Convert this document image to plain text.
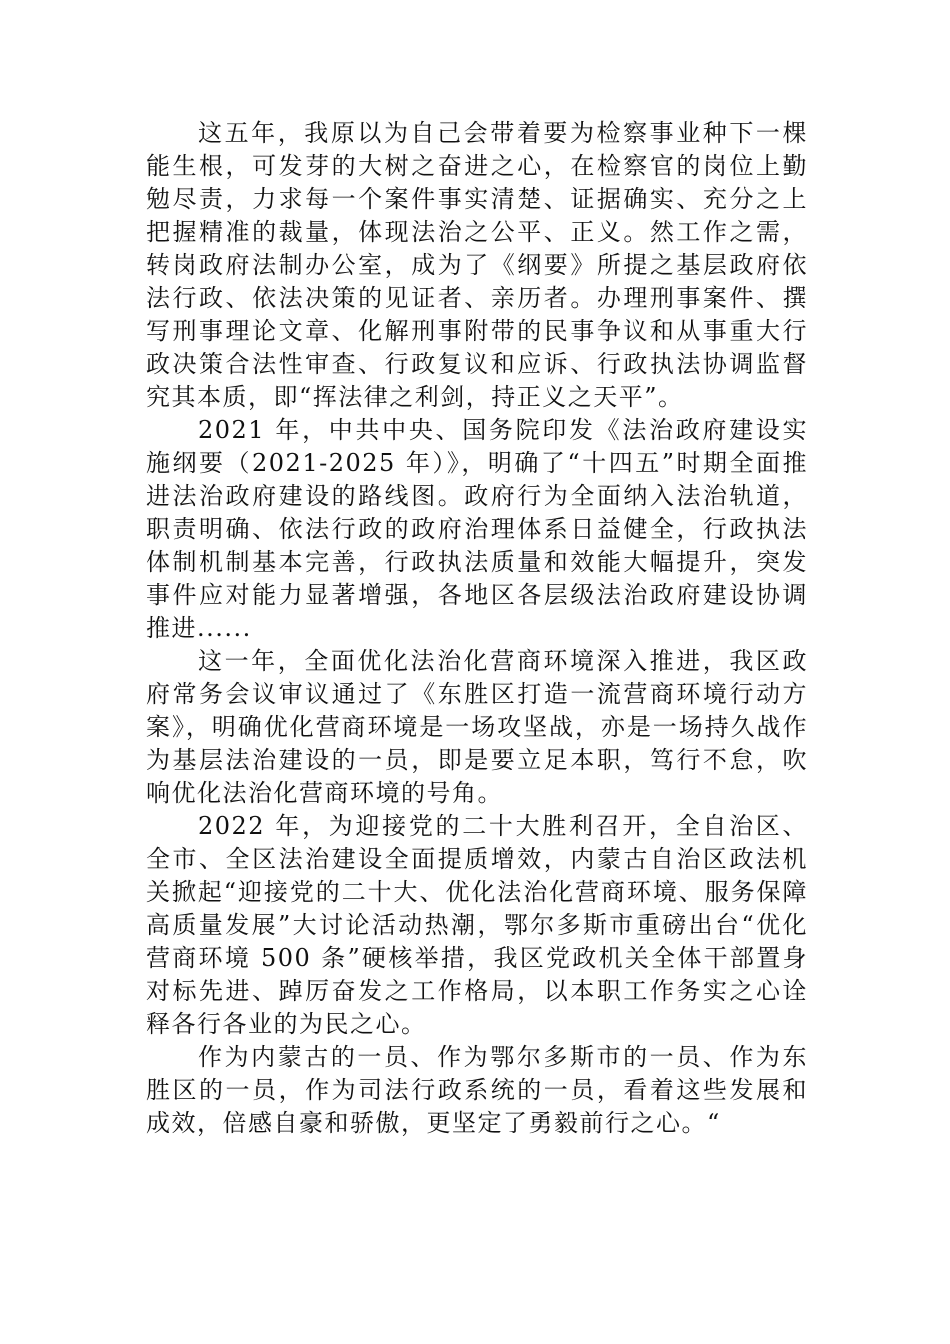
这五年，我原以为自己会带着要为检察事业种下一棵能生根，可发芽的大树之奋进之心，在检察官的岗位上勤勉尽责，力求每一个案件事实清楚、证据确实、充分之上把握精准的裁量，体现法治之公平、正义。然工作之需，转岗政府法制办公室，成为了《纲要》所提之基层政府依法行政、依法决策的见证者、亲历者。办理刑事案件、撰写刑事理论文章、化解刑事附带的民事争议和从事重大行政决策合法性审查、行政复议和应诉、行政执法协调监督究其本质，即“挥法律之利剑，持正义之天平”。

2021 年，中共中央、国务院印发《法治政府建设实施纲要（2021-2025 年）》，明确了“十四五”时期全面推进法治政府建设的路线图。政府行为全面纳入法治轨道，职责明确、依法行政的政府治理体系日益健全，行政执法体制机制基本完善，行政执法质量和效能大幅提升，突发事件应对能力显著增强，各地区各层级法治政府建设协调推进......

这一年，全面优化法治化营商环境深入推进，我区政府常务会议审议通过了《东胜区打造一流营商环境行动方案》，明确优化营商环境是一场攻坚战，亦是一场持久战作为基层法治建设的一员，即是要立足本职，笃行不怠，吹响优化法治化营商环境的号角。

2022 年，为迎接党的二十大胜利召开，全自治区、全市、全区法治建设全面提质增效，内蒙古自治区政法机关掀起“迎接党的二十大、优化法治化营商环境、服务保障高质量发展”大讨论活动热潮，鄂尔多斯市重磅出台“优化营商环境 500 条”硬核举措，我区党政机关全体干部置身对标先进、踔厉奋发之工作格局，以本职工作务实之心诠释各行各业的为民之心。

作为内蒙古的一员、作为鄂尔多斯市的一员、作为东胜区的一员，作为司法行政系统的一员，看着这些发展和成效，倍感自豪和骄傲，更坚定了勇毅前行之心。“
